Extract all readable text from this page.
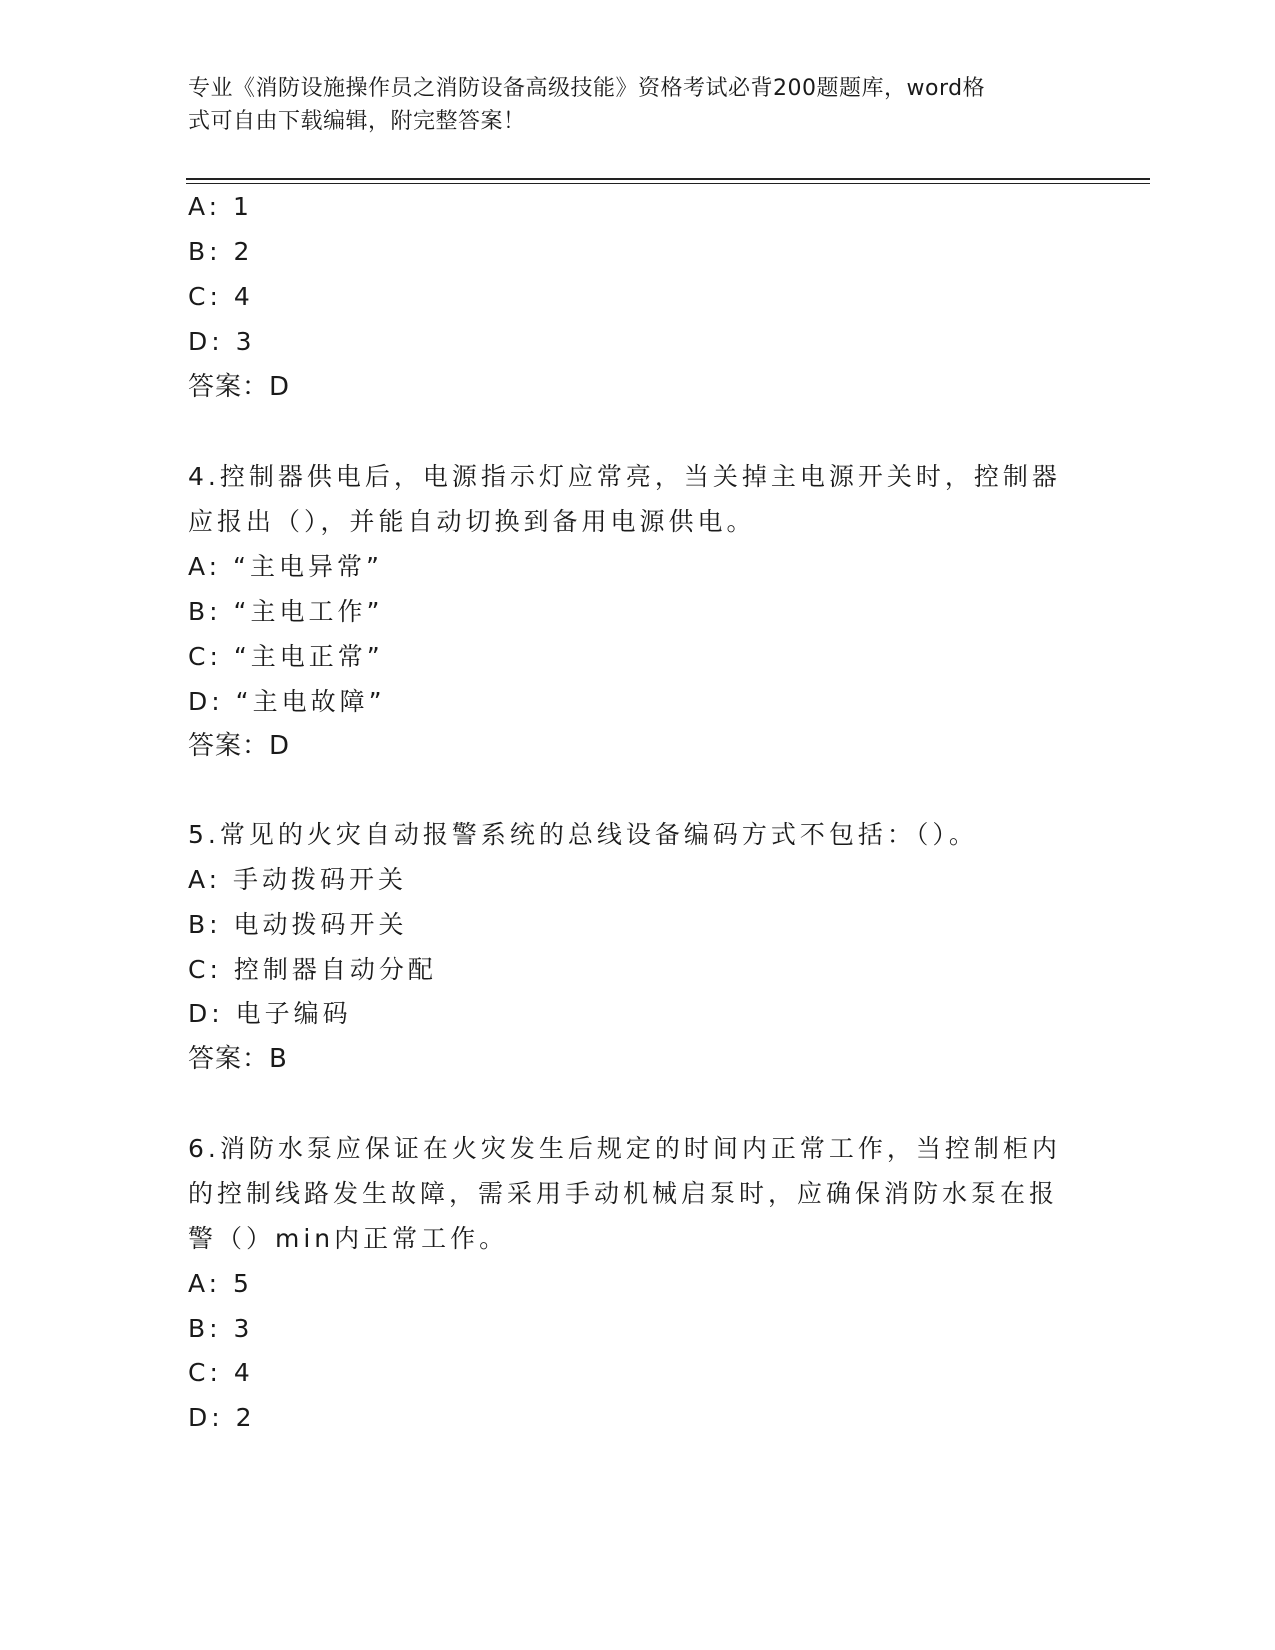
专业《消防设施操作员之消防设备高级技能》资格考试必背200题题库，word格
式可自由下载编辑，附完整答案！
A: 1
B: 2
C: 4
D: 3
答案：D
4.控制器供电后，电源指示灯应常亮，当关掉主电源开关时，控制器
应报出（），并能自动切换到备用电源供电。
A: “主电异常”
B: “主电工作”
C: “主电正常”
D: “主电故障”
答案：D
5.常见的火灾自动报警系统的总线设备编码方式不包括：（）。
A: 手动拨码开关
B: 电动拨码开关
C: 控制器自动分配
D: 电子编码
答案：B
6.消防水泵应保证在火灾发生后规定的时间内正常工作，当控制柜内
的控制线路发生故障，需采用手动机械启泵时，应确保消防水泵在报
警（）min内正常工作。
A: 5
B: 3
C: 4
D: 2
